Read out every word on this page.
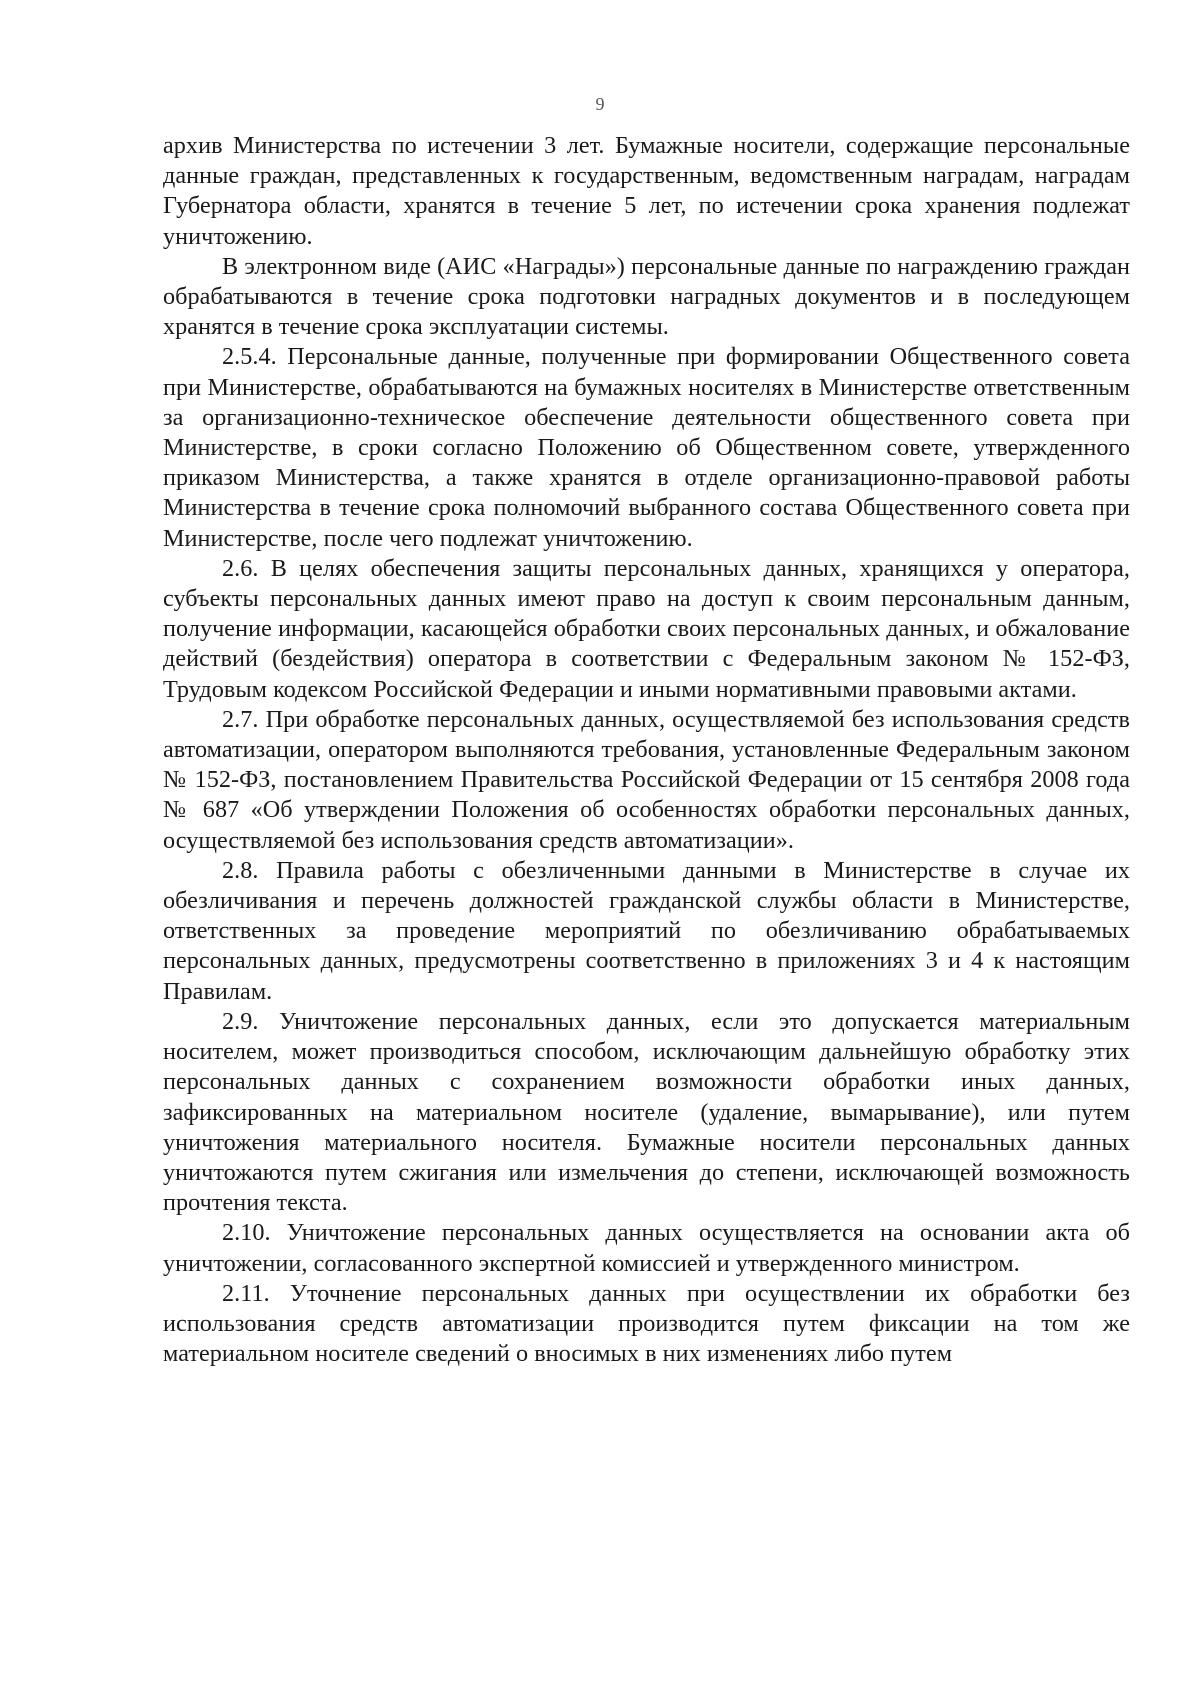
9

архив Министерства по истечении 3 лет. Бумажные носители, содержащие персональные данные граждан, представленных к государственным, ведомственным наградам, наградам Губернатора области, хранятся в течение 5 лет, по истечении срока хранения подлежат уничтожению.

В электронном виде (АИС «Награды») персональные данные по награждению граждан обрабатываются в течение срока подготовки наградных документов и в последующем хранятся в течение срока эксплуатации системы.

2.5.4. Персональные данные, полученные при формировании Общественного совета при Министерстве, обрабатываются на бумажных носителях в Министерстве ответственным за организационно-техническое обеспечение деятельности общественного совета при Министерстве, в сроки согласно Положению об Общественном совете, утвержденного приказом Министерства, а также хранятся в отделе организационно-правовой работы Министерства в течение срока полномочий выбранного состава Общественного совета при Министерстве, после чего подлежат уничтожению.

2.6. В целях обеспечения защиты персональных данных, хранящихся у оператора, субъекты персональных данных имеют право на доступ к своим персональным данным, получение информации, касающейся обработки своих персональных данных, и обжалование действий (бездействия) оператора в соответствии с Федеральным законом № 152-ФЗ, Трудовым кодексом Российской Федерации и иными нормативными правовыми актами.

2.7. При обработке персональных данных, осуществляемой без использования средств автоматизации, оператором выполняются требования, установленные Федеральным законом № 152-ФЗ, постановлением Правительства Российской Федерации от 15 сентября 2008 года № 687 «Об утверждении Положения об особенностях обработки персональных данных, осуществляемой без использования средств автоматизации».

2.8. Правила работы с обезличенными данными в Министерстве в случае их обезличивания и перечень должностей гражданской службы области в Министерстве, ответственных за проведение мероприятий по обезличиванию обрабатываемых персональных данных, предусмотрены соответственно в приложениях 3 и 4 к настоящим Правилам.

2.9. Уничтожение персональных данных, если это допускается материальным носителем, может производиться способом, исключающим дальнейшую обработку этих персональных данных с сохранением возможности обработки иных данных, зафиксированных на материальном носителе (удаление, вымарывание), или путем уничтожения материального носителя. Бумажные носители персональных данных уничтожаются путем сжигания или измельчения до степени, исключающей возможность прочтения текста.

2.10. Уничтожение персональных данных осуществляется на основании акта об уничтожении, согласованного экспертной комиссией и утвержденного министром.

2.11. Уточнение персональных данных при осуществлении их обработки без использования средств автоматизации производится путем фиксации на том же материальном носителе сведений о вносимых в них изменениях либо путем
